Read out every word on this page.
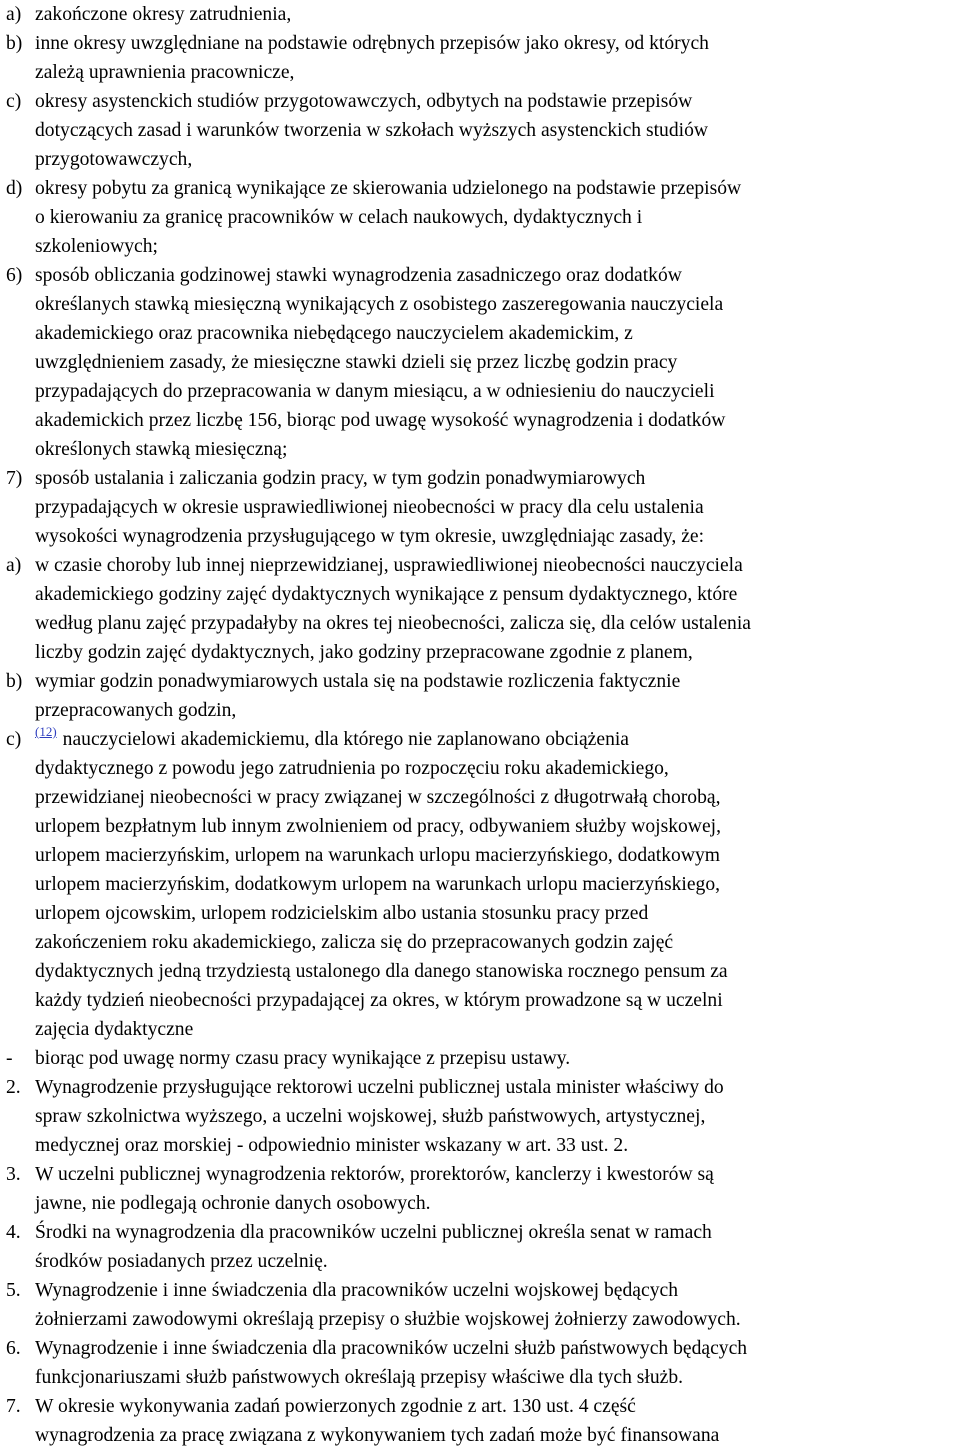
a) zakończone okresy zatrudnienia,
b) inne okresy uwzględniane na podstawie odrębnych przepisów jako okresy, od których
zależą uprawnienia pracownicze,
c) okresy asystenckich studiów przygotowawczych, odbytych na podstawie przepisów
dotyczących zasad i warunków tworzenia w szkołach wyższych asystenckich studiów
przygotowawczych,
d) okresy pobytu za granicą wynikające ze skierowania udzielonego na podstawie przepisów
o kierowaniu za granicę pracowników w celach naukowych, dydaktycznych i
szkoleniowych;
6) sposób obliczania godzinowej stawki wynagrodzenia zasadniczego oraz dodatków
określanych stawką miesięczną wynikających z osobistego zaszeregowania nauczyciela
akademickiego oraz pracownika niebędącego nauczycielem akademickim, z
uwzględnieniem zasady, że miesięczne stawki dzieli się przez liczbę godzin pracy
przypadających do przepracowania w danym miesiącu, a w odniesieniu do nauczycieli
akademickich przez liczbę 156, biorąc pod uwagę wysokość wynagrodzenia i dodatków
określonych stawką miesięczną;
7) sposób ustalania i zaliczania godzin pracy, w tym godzin ponadwymiarowych
przypadających w okresie usprawiedliwionej nieobecności w pracy dla celu ustalenia
wysokości wynagrodzenia przysługującego w tym okresie, uwzględniając zasady, że:
a) w czasie choroby lub innej nieprzewidzianej, usprawiedliwionej nieobecności nauczyciela
akademickiego godziny zajęć dydaktycznych wynikające z pensum dydaktycznego, które
według planu zajęć przypadałyby na okres tej nieobecności, zalicza się, dla celów ustalenia
liczby godzin zajęć dydaktycznych, jako godziny przepracowane zgodnie z planem,
b) wymiar godzin ponadwymiarowych ustala się na podstawie rozliczenia faktycznie
przepracowanych godzin,
c) $^{(12)}$ nauczycielowi akademickiemu, dla którego nie zaplanowano obciążenia
dydaktycznego z powodu jego zatrudnienia po rozpoczęciu roku akademickiego,
przewidzianej nieobecności w pracy związanej w szczególności z długotrwałą chorobą,
urlopem bezpłatnym lub innym zwolnieniem od pracy, odbywaniem służby wojskowej,
urlopem macierzyńskim, urlopem na warunkach urlopu macierzyńskiego, dodatkowym
urlopem macierzyńskim, dodatkowym urlopem na warunkach urlopu macierzyńskiego,
urlopem ojcowskim, urlopem rodzicielskim albo ustania stosunku pracy przed
zakończeniem roku akademickiego, zalicza się do przepracowanych godzin zajęć
dydaktycznych jedną trzydziestą ustalonego dla danego stanowiska rocznego pensum za
każdy tydzień nieobecności przypadającej za okres, w którym prowadzone są w uczelni
zajęcia dydaktyczne
- biorąc pod uwagę normy czasu pracy wynikające z przepisu ustawy.
2. Wynagrodzenie przysługujące rektorowi uczelni publicznej ustala minister właściwy do
spraw szkolnictwa wyższego, a uczelni wojskowej, służb państwowych, artystycznej,
medycznej oraz morskiej - odpowiednio minister wskazany w art. 33 ust. 2.
3. W uczelni publicznej wynagrodzenia rektorów, prorektorów, kanclerzy i kwestorów są
jawne, nie podlegają ochronie danych osobowych.
4. Środki na wynagrodzenia dla pracowników uczelni publicznej określa senat w ramach
środków posiadanych przez uczelnię.
5. Wynagrodzenie i inne świadczenia dla pracowników uczelni wojskowej będących
żołnierzami zawodowymi określają przepisy o służbie wojskowej żołnierzy zawodowych.
6. Wynagrodzenie i inne świadczenia dla pracowników uczelni służb państwowych będących
funkcjonariuszami służb państwowych określają przepisy właściwe dla tych służb.
7. W okresie wykonywania zadań powierzonych zgodnie z art. 130 ust. 4 część
wynagrodzenia za pracę związana z wykonywaniem tych zadań może być finansowana
